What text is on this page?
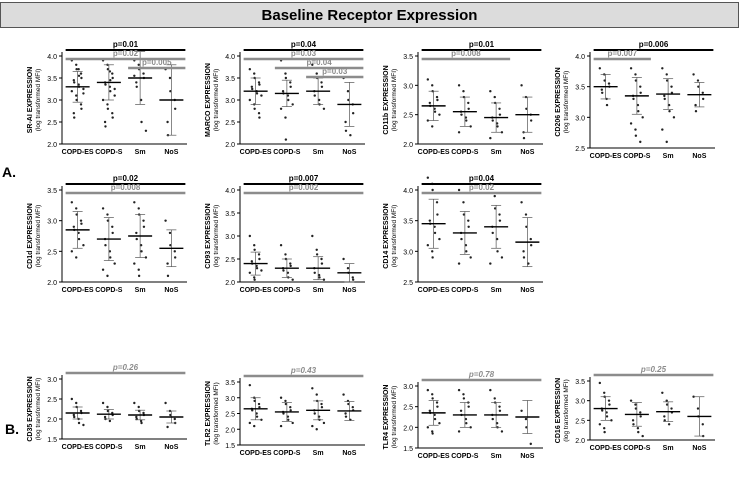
Baseline Receptor Expression
A.
B.
2.0
2.5
3.0
3.5
4.0
SR-AI EXPRESSION (log transformed MFI)
COPD-ES COPD-S Sm	NoS
p=0.01
p=0.02
p=0.005
2.0
2.5
3.0
3.5
4.0
MARCO EXPRESSION (log transformed MFI)
COPD-ES COPD-S Sm	NoS
p=0.04
p=0.03
p=0.04
p=0.03
2.0
2.5
3.0
3.5
CD11b EXPRESSION (log transformed MFI)
COPD-ES COPD-S Sm	NoS
p=0.01
p=0.008
2.5
3.0
3.5
4.0
CD206 EXPRESSION (log transformed MFI)
COPD-ES COPD-S Sm	NoS
p=0.006
p=0.007
2.0
2.5
3.0
3.5
CD1d EXPRESSION (log transformed MFI)
COPD-ES COPD-S Sm	NoS
p=0.02
p=0.008
2.0
2.5
3.0
3.5
4.0
CD93 EXPRESSION (log transformed MFI)
COPD-ES COPD-S Sm	NoS
p=0.007
p=0.002
2.5
3.0
3.5
4.0
CD14 EXPRESSION (log transformed MFI)
COPD-ES COPD-S Sm	NoS
p=0.04
p=0.02
1.5
2.0
2.5
3.0
CD35 EXPRESSION (log transformed MFI)
COPD-ES COPD-S Sm	NoS
p=0.26
1.5
2.0
2.5
3.0
3.5
TLR2 EXPRESSION (log transformed MFI)
COPD-ES COPD-S Sm	NoS
p=0.43
1.5
2.0
2.5
3.0
TLR4 EXPRESSION (log transformed MFI)
COPD-ES COPD-S Sm	NoS
p=0.78
2.0
2.5
3.0
3.5
CD16 EXPRESSION (log transformed MFI)
COPD-ES COPD-S Sm	NoS
p=0.25
